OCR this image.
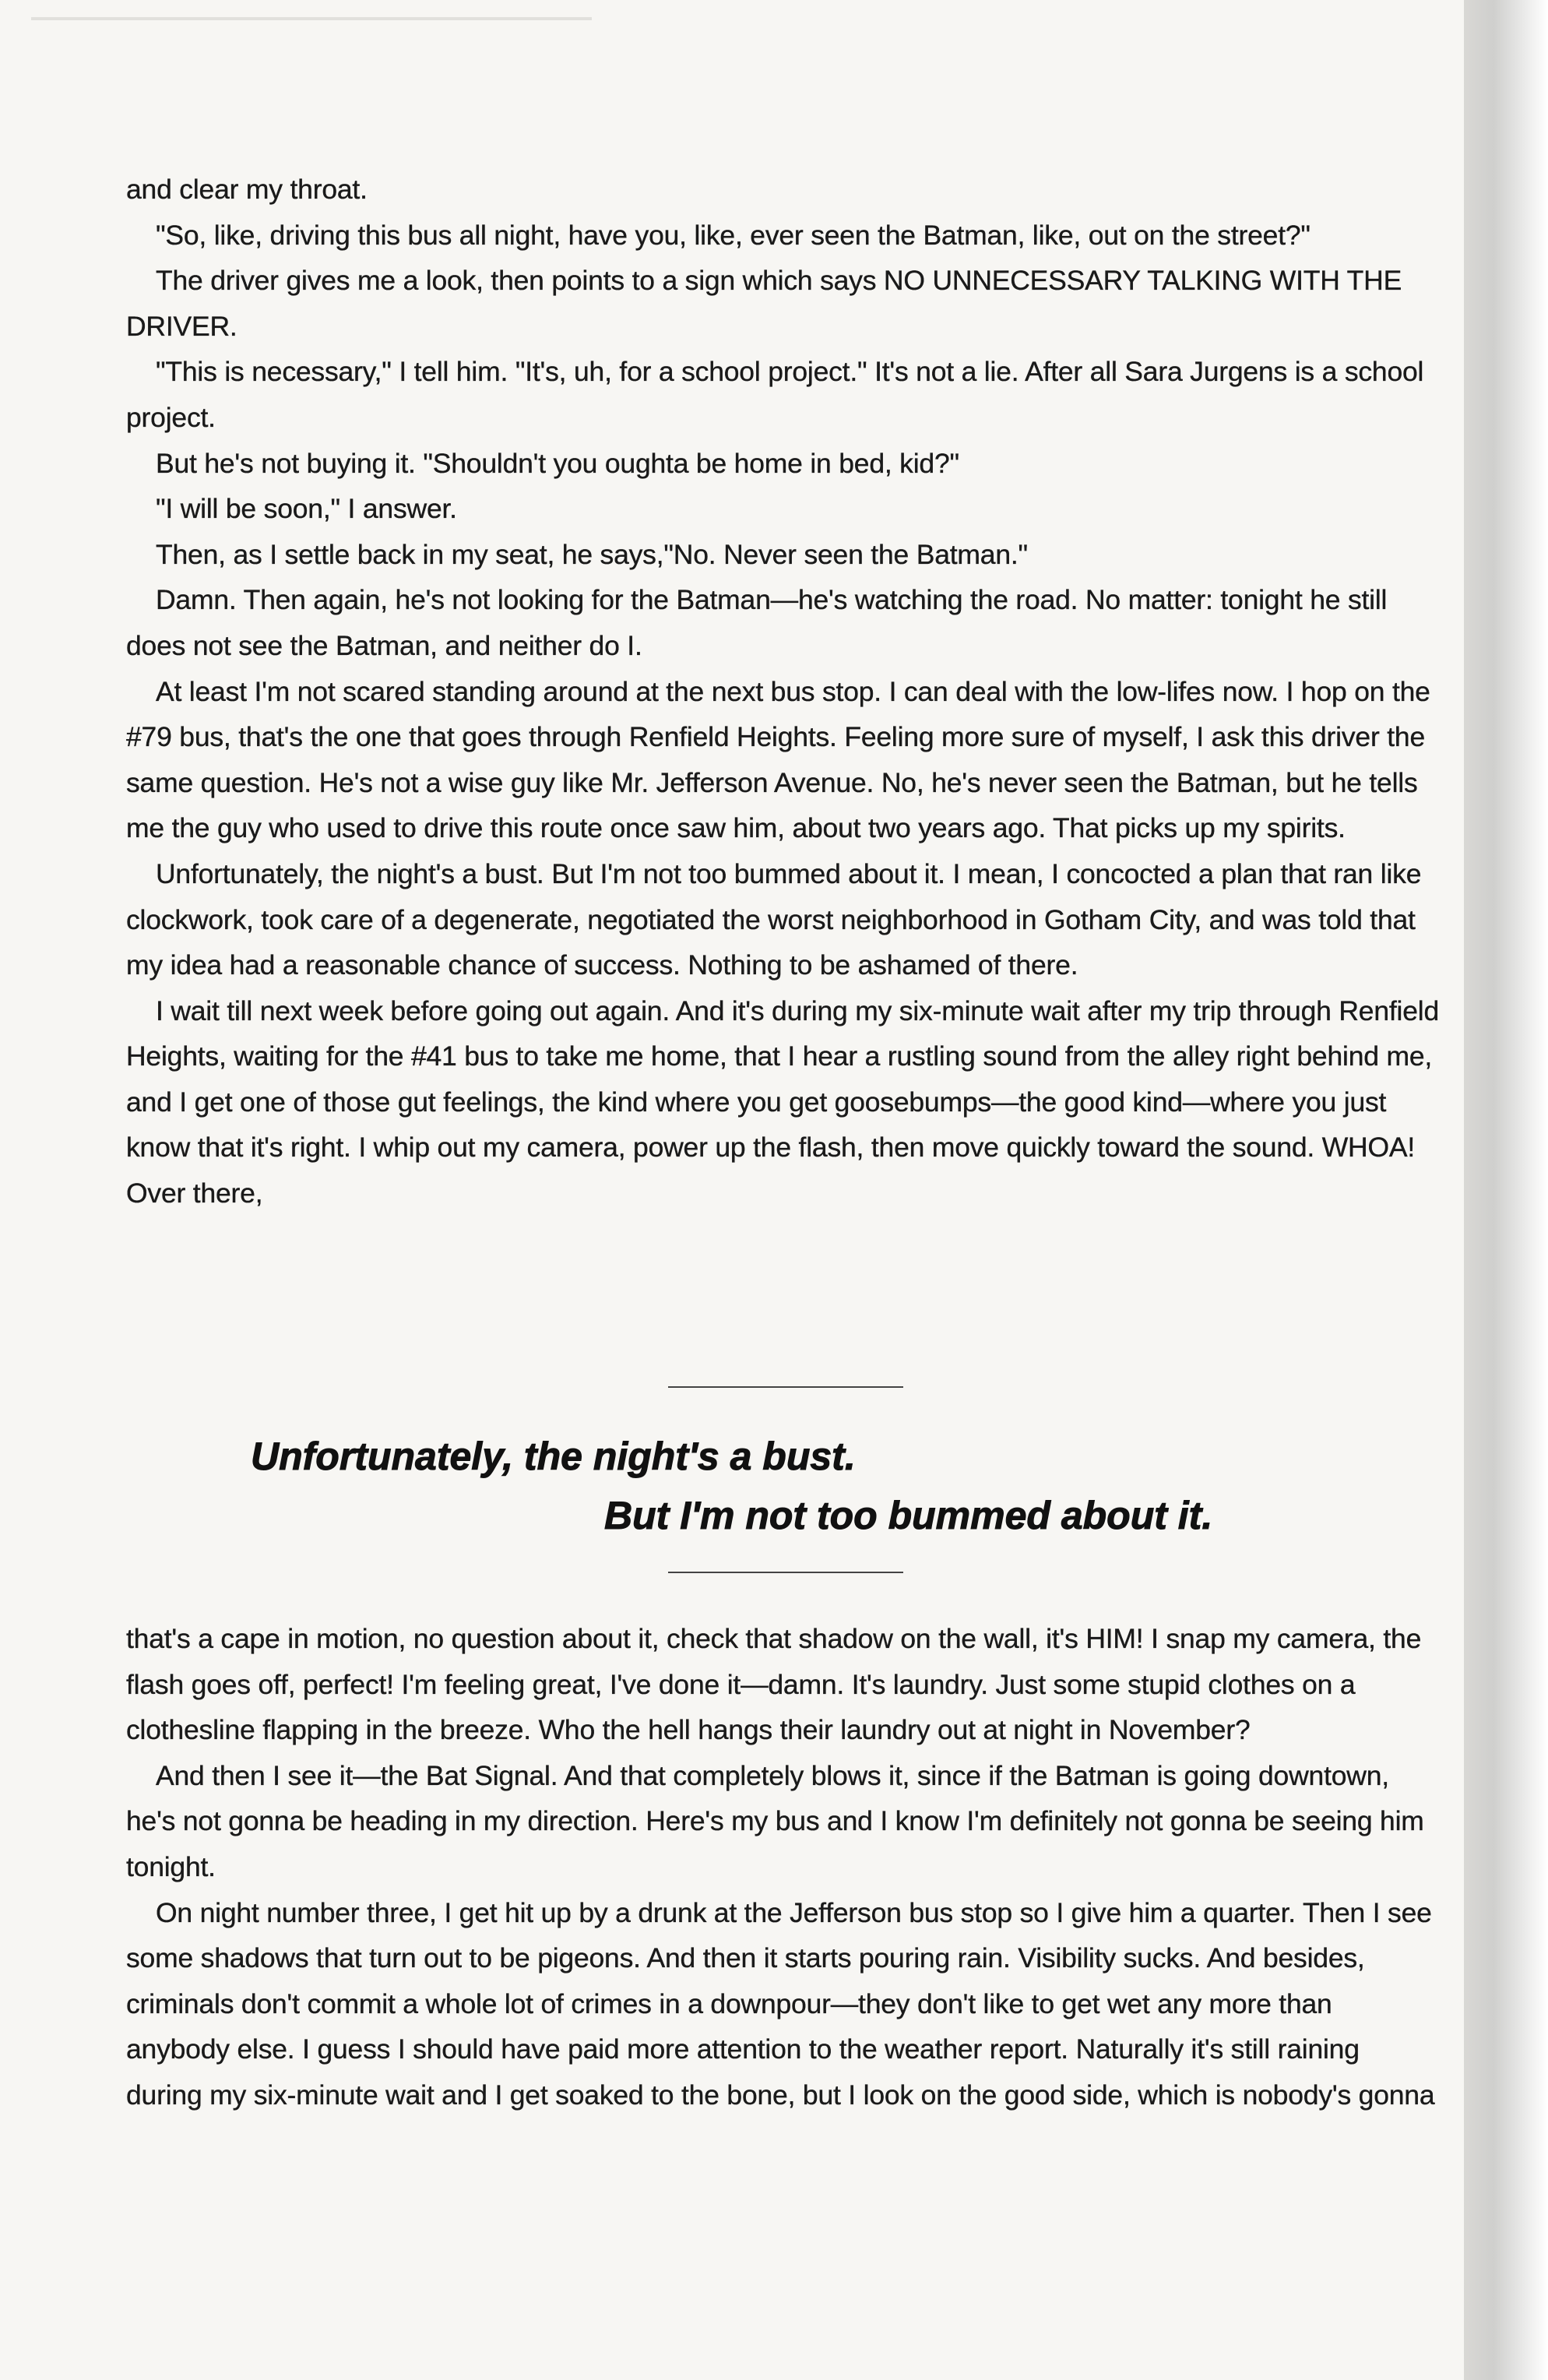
and clear my throat.

"So, like, driving this bus all night, have you, like, ever seen the Batman, like, out on the street?"

The driver gives me a look, then points to a sign which says NO UNNECESSARY TALKING WITH THE DRIVER.

"This is necessary," I tell him. "It's, uh, for a school project." It's not a lie. After all Sara Jurgens is a school project.

But he's not buying it. "Shouldn't you oughta be home in bed, kid?"

"I will be soon," I answer.

Then, as I settle back in my seat, he says,"No. Never seen the Batman."

Damn. Then again, he's not looking for the Batman—he's watching the road. No matter: tonight he still does not see the Batman, and neither do I.

At least I'm not scared standing around at the next bus stop. I can deal with the low-lifes now. I hop on the #79 bus, that's the one that goes through Renfield Heights. Feeling more sure of myself, I ask this driver the same question. He's not a wise guy like Mr. Jefferson Avenue. No, he's never seen the Batman, but he tells me the guy who used to drive this route once saw him, about two years ago. That picks up my spirits.

Unfortunately, the night's a bust. But I'm not too bummed about it. I mean, I concocted a plan that ran like clockwork, took care of a degenerate, negotiated the worst neighborhood in Gotham City, and was told that my idea had a reasonable chance of success. Nothing to be ashamed of there.

I wait till next week before going out again. And it's during my six-minute wait after my trip through Renfield Heights, waiting for the #41 bus to take me home, that I hear a rustling sound from the alley right behind me, and I get one of those gut feelings, the kind where you get goosebumps—the good kind—where you just know that it's right. I whip out my camera, power up the flash, then move quickly toward the sound. WHOA! Over there,

Unfortunately, the night's a bust.
But I'm not too bummed about it.

that's a cape in motion, no question about it, check that shadow on the wall, it's HIM! I snap my camera, the flash goes off, perfect! I'm feeling great, I've done it—damn. It's laundry. Just some stupid clothes on a clothesline flapping in the breeze. Who the hell hangs their laundry out at night in November?

And then I see it—the Bat Signal. And that completely blows it, since if the Batman is going downtown, he's not gonna be heading in my direction. Here's my bus and I know I'm definitely not gonna be seeing him tonight.

On night number three, I get hit up by a drunk at the Jefferson bus stop so I give him a quarter. Then I see some shadows that turn out to be pigeons. And then it starts pouring rain. Visibility sucks. And besides, criminals don't commit a whole lot of crimes in a downpour—they don't like to get wet any more than anybody else. I guess I should have paid more attention to the weather report. Naturally it's still raining during my six-minute wait and I get soaked to the bone, but I look on the good side, which is nobody's gonna
